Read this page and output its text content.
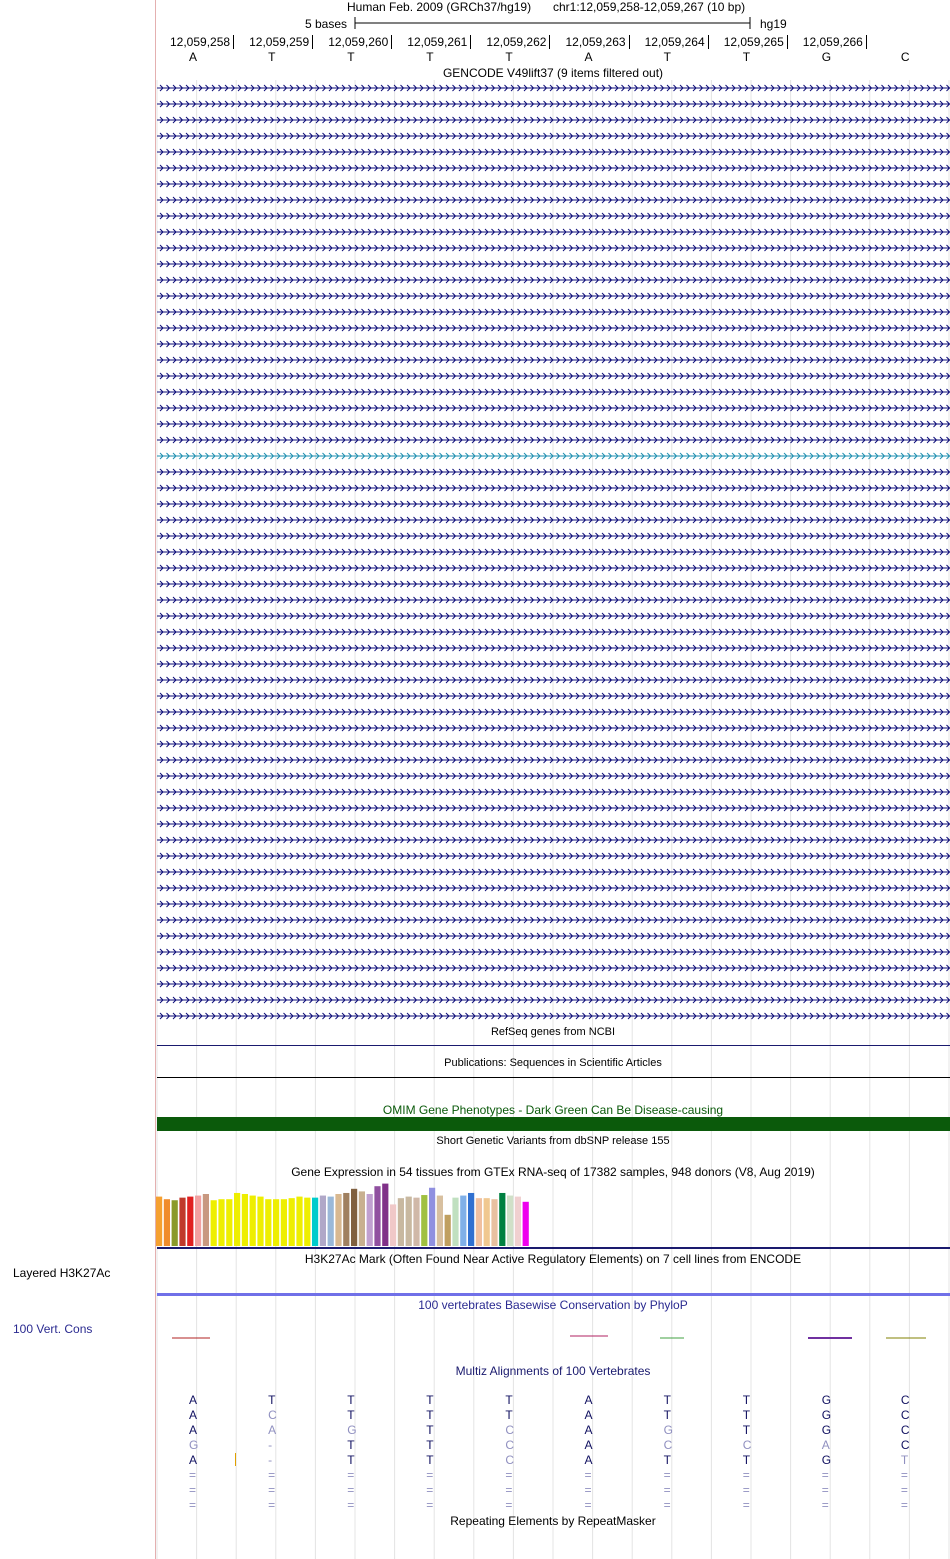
Layered H3K27Ac
100 Vert. Cons
Human Feb. 2009 (GRCh37/hg19) chr1:12,059,258-12,059,267 (10 bp)
5 bases	hg19
12,059,258	12,059,259	12,059,260	12,059,261	12,059,262	12,059,263	12,059,264	12,059,265	12,059,266
A	T	T	T	T	A	T	T	G	C
GENCODE V49lift37 (9 items filtered out)
RefSeq genes from NCBI
Publications: Sequences in Scientific Articles
OMIM Gene Phenotypes - Dark Green Can Be Disease-causing
Short Genetic Variants from dbSNP release 155
Gene Expression in 54 tissues from GTEx RNA-seq of 17382 samples, 948 donors (V8, Aug 2019)
H3K27Ac Mark (Often Found Near Active Regulatory Elements) on 7 cell lines from ENCODE
100 vertebrates Basewise Conservation by PhyloP
Multiz Alignments of 100 Vertebrates
A	T	T	T	T	A	T	T	G	C
A	C	T	T	T	A	T	T	G	C
A	A	G	T	C	A	G	T	G	C
G	-	T	T	C	A	C	C	A	C
A	-	T	T	C	A	T	T	G	T
=	=	=	=	=	=	=	=	=	=
=	=	=	=	=	=	=	=	=	=
=	=	=	=	=	=	=	=	=	=
Repeating Elements by RepeatMasker
